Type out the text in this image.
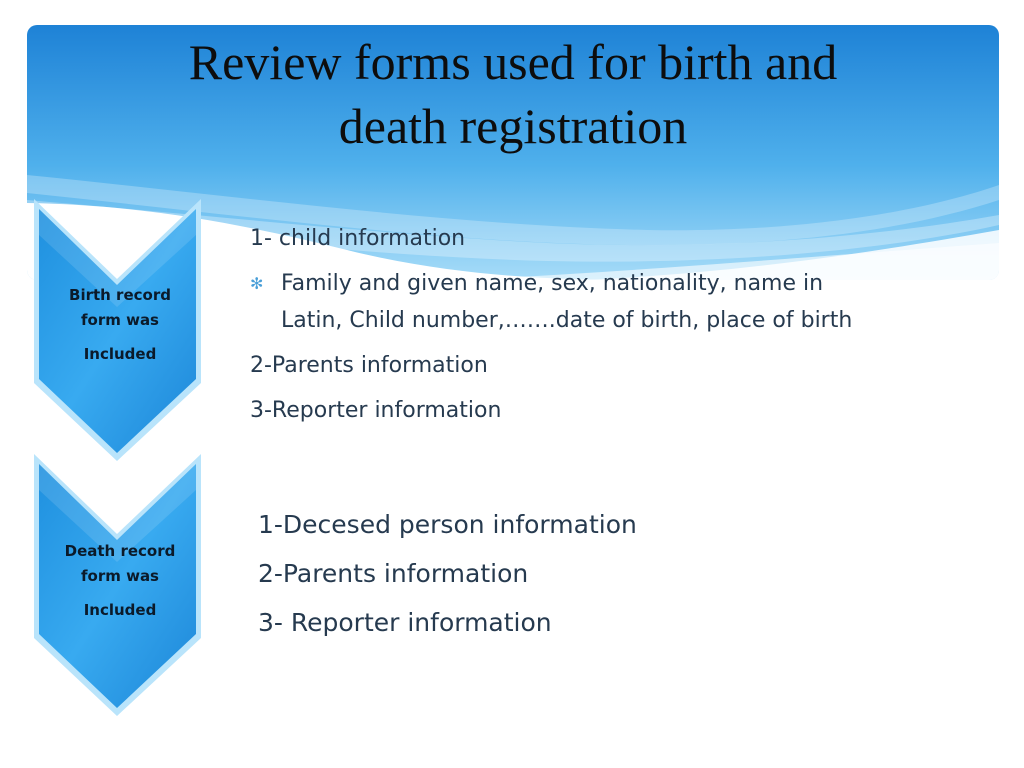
Review forms used for birth and
death registration
Birth record
form was
Included
Death record
form was
Included
1- child information
✻ Family and given name, sex, nationality, name in
Latin, Child number,…….date of birth, place of birth
2-Parents information
3-Reporter information
1-Decesed person information
2-Parents information
3- Reporter information
